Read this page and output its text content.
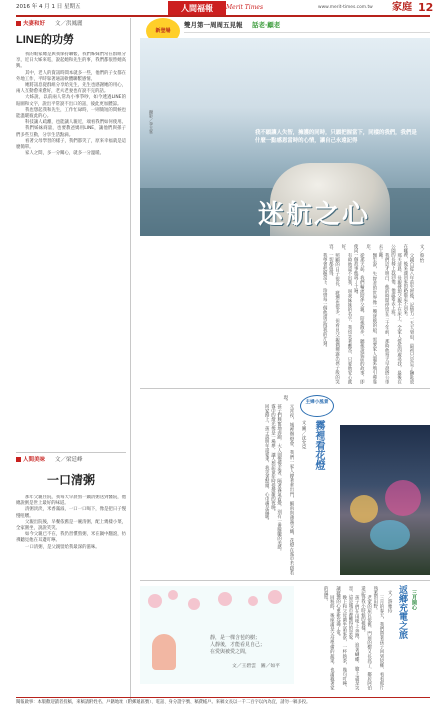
2016 年 4 月 1 日 星期五	人間福報	Merit Times	www.merit-times.com.tw 家庭 12
夫妻和好 文／洪鳳麗
LINE的功勞

我的娘家總是與我保持聯繫，我們姊妹們常在群組分享，近日大姊來電，說起她和先生的事，我們都很替她高興。

其中，老人的資訊時間本就多一些，他們的子女都在外地工作，平時靠著通訊軟體聯繫感情。

她將訊息從群組分享給先生，先生也感謝她的用心，兩人互動愈來愈好，老夫老妻也有說不完的話。

大姊說，以前兩人常為小事爭吵，如今透過LINE的貼圖和文字，說出平常說不出口的話，彼此更加體諒。

我也想起我和先生，工作忙碌時，一則簡短的問候也能溫暖彼此的心。

科技讓人疏離，也能讓人親近，端看我們如何使用。

我們姊妹商量，也要教爸媽用LINE，讓他們與孫子們多些互動，分享生活點滴。

看著父母學習的樣子，我們都笑了，原來幸福就是這麼簡單。

家人之間，多一分關心，就多一分溫暖。

人間美味 文／梁廷峰
一口清粥

那年父親住院，我每天早晨熬一鍋清粥送到醫院，他總說粥是世上最好的味道。

清粥淡淡，米香滿溢，一口一口喝下，像是把日子慢慢咀嚼。

父親出院後，早餐依舊是一碗清粥，配上幾樣小菜，全家圍坐，說說笑笑。

如今父親已不在，我仍習慣熬粥，米在鍋中翻滾，彷彿聽見他在耳邊叮嚀。

一口清粥，是父親留給我最深的滋味。

新登場
雙月第一周周五見報 話老‧顧老
攝影／李玉峯	我不願讓人失智，擁護的同時，只願把握當下，同樣的我們，我們是什麼一點感恩當時的心情，讓自己永遠記得
迷航之心
文／蔡怡

父親自從八年前失智後，記憶力一天天衰退，最初只是忘了鑰匙放在哪裡，後來連回家的路都走不回來。

那天清晨，母親發現父親不在床上，全家人慌張四處尋找，最後在公園的長椅上找到他，他說要去上班。

我們這才明白，他的時間停留在三十年前，那時他每天早晨搭公車去工廠。

醫生說，失智者的世界像一艘迷航的船，需要家人溫柔地引導靠岸。

從那天起，我們輪流陪伴父親，陪他散步、聽他說從前的故事，即使同一個故事他說了十遍。

有時他認不出我，叫我妹妹的名字，我也笑著應答，只要他安心就好。

照顧的日子很長，疲憊也很多，但看見父親偶爾露出孩子般的笑容，一切都值得。

我學會把握當下，珍惜每一個他還記得我的片刻。

主婦小風景
霧裡看花燈
文‧圖／沈允克

元宵夜，城裡辦燈會，我們一家人撐著傘出門，細雨與薄霧交織，花燈在霧中若隱若現。

孩子們興奮地奔跑，大人則慢慢走著，隔著霧氣看燈，別有一番朦朧的美感。

霧中的燈光像是一場夢，讓人想起童年時提燈籠的夜晚。

回家路上，孩子說明年還要來，我笑著點頭，心中滿是溫暖。

靜，是一棵含苞的樹；
人靜後，才能看見自己；
在愛與被愛之間，
文／王碧雲　圖／如平
三月開心
返鄉充電之旅
文／游雅玲

三月的春天，我們帶著孩子回到故鄉，看看那片熟悉的田野。

老家的屋瓦依舊，門前的樹又長高了，鄰居阿伯還記得我小時候的模樣。

孩子們在田埂上奔跑，追著蝴蝶，臉上盡是笑容，這是城市裡難得的景象。

晚上和父母圍坐話家常，一杯熱茶，幾句叮嚀，讓疲憊的心重新充滿了電。

回程時，後座滿是父母準備的蔬果，也滿載著家的溫度。

閱報啟事：本版歡迎讀者投稿，來稿請附姓名、戶籍地址（附郵遞區號）、電話、身分證字號、稿費帳戶。來稿文長以一千二百字以內為宜，請勿一稿多投。
